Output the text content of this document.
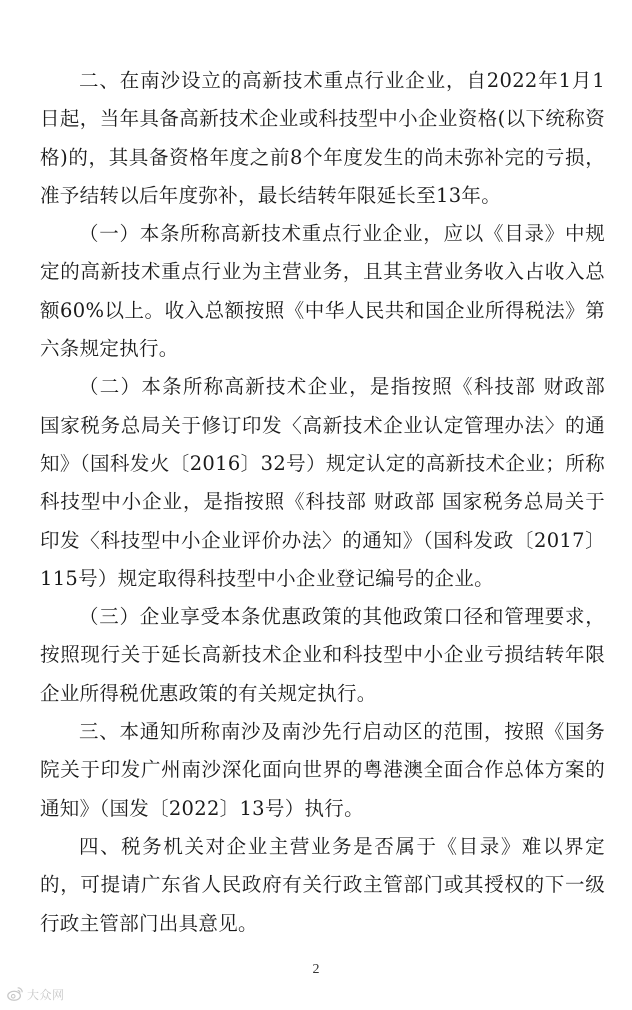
二、在南沙设立的高新技术重点行业企业，自2022年1月1日起，当年具备高新技术企业或科技型中小企业资格(以下统称资格)的，其具备资格年度之前8个年度发生的尚未弥补完的亏损，准予结转以后年度弥补，最长结转年限延长至13年。

（一）本条所称高新技术重点行业企业，应以《目录》中规定的高新技术重点行业为主营业务，且其主营业务收入占收入总额60%以上。收入总额按照《中华人民共和国企业所得税法》第六条规定执行。

（二）本条所称高新技术企业，是指按照《科技部 财政部 国家税务总局关于修订印发〈高新技术企业认定管理办法〉的通知》（国科发火〔2016〕32号）规定认定的高新技术企业；所称科技型中小企业，是指按照《科技部 财政部 国家税务总局关于印发〈科技型中小企业评价办法〉的通知》（国科发政〔2017〕115号）规定取得科技型中小企业登记编号的企业。

（三）企业享受本条优惠政策的其他政策口径和管理要求，按照现行关于延长高新技术企业和科技型中小企业亏损结转年限企业所得税优惠政策的有关规定执行。

三、本通知所称南沙及南沙先行启动区的范围，按照《国务院关于印发广州南沙深化面向世界的粤港澳全面合作总体方案的通知》（国发〔2022〕13号）执行。

四、税务机关对企业主营业务是否属于《目录》难以界定的，可提请广东省人民政府有关行政主管部门或其授权的下一级行政主管部门出具意见。

2
大众网
